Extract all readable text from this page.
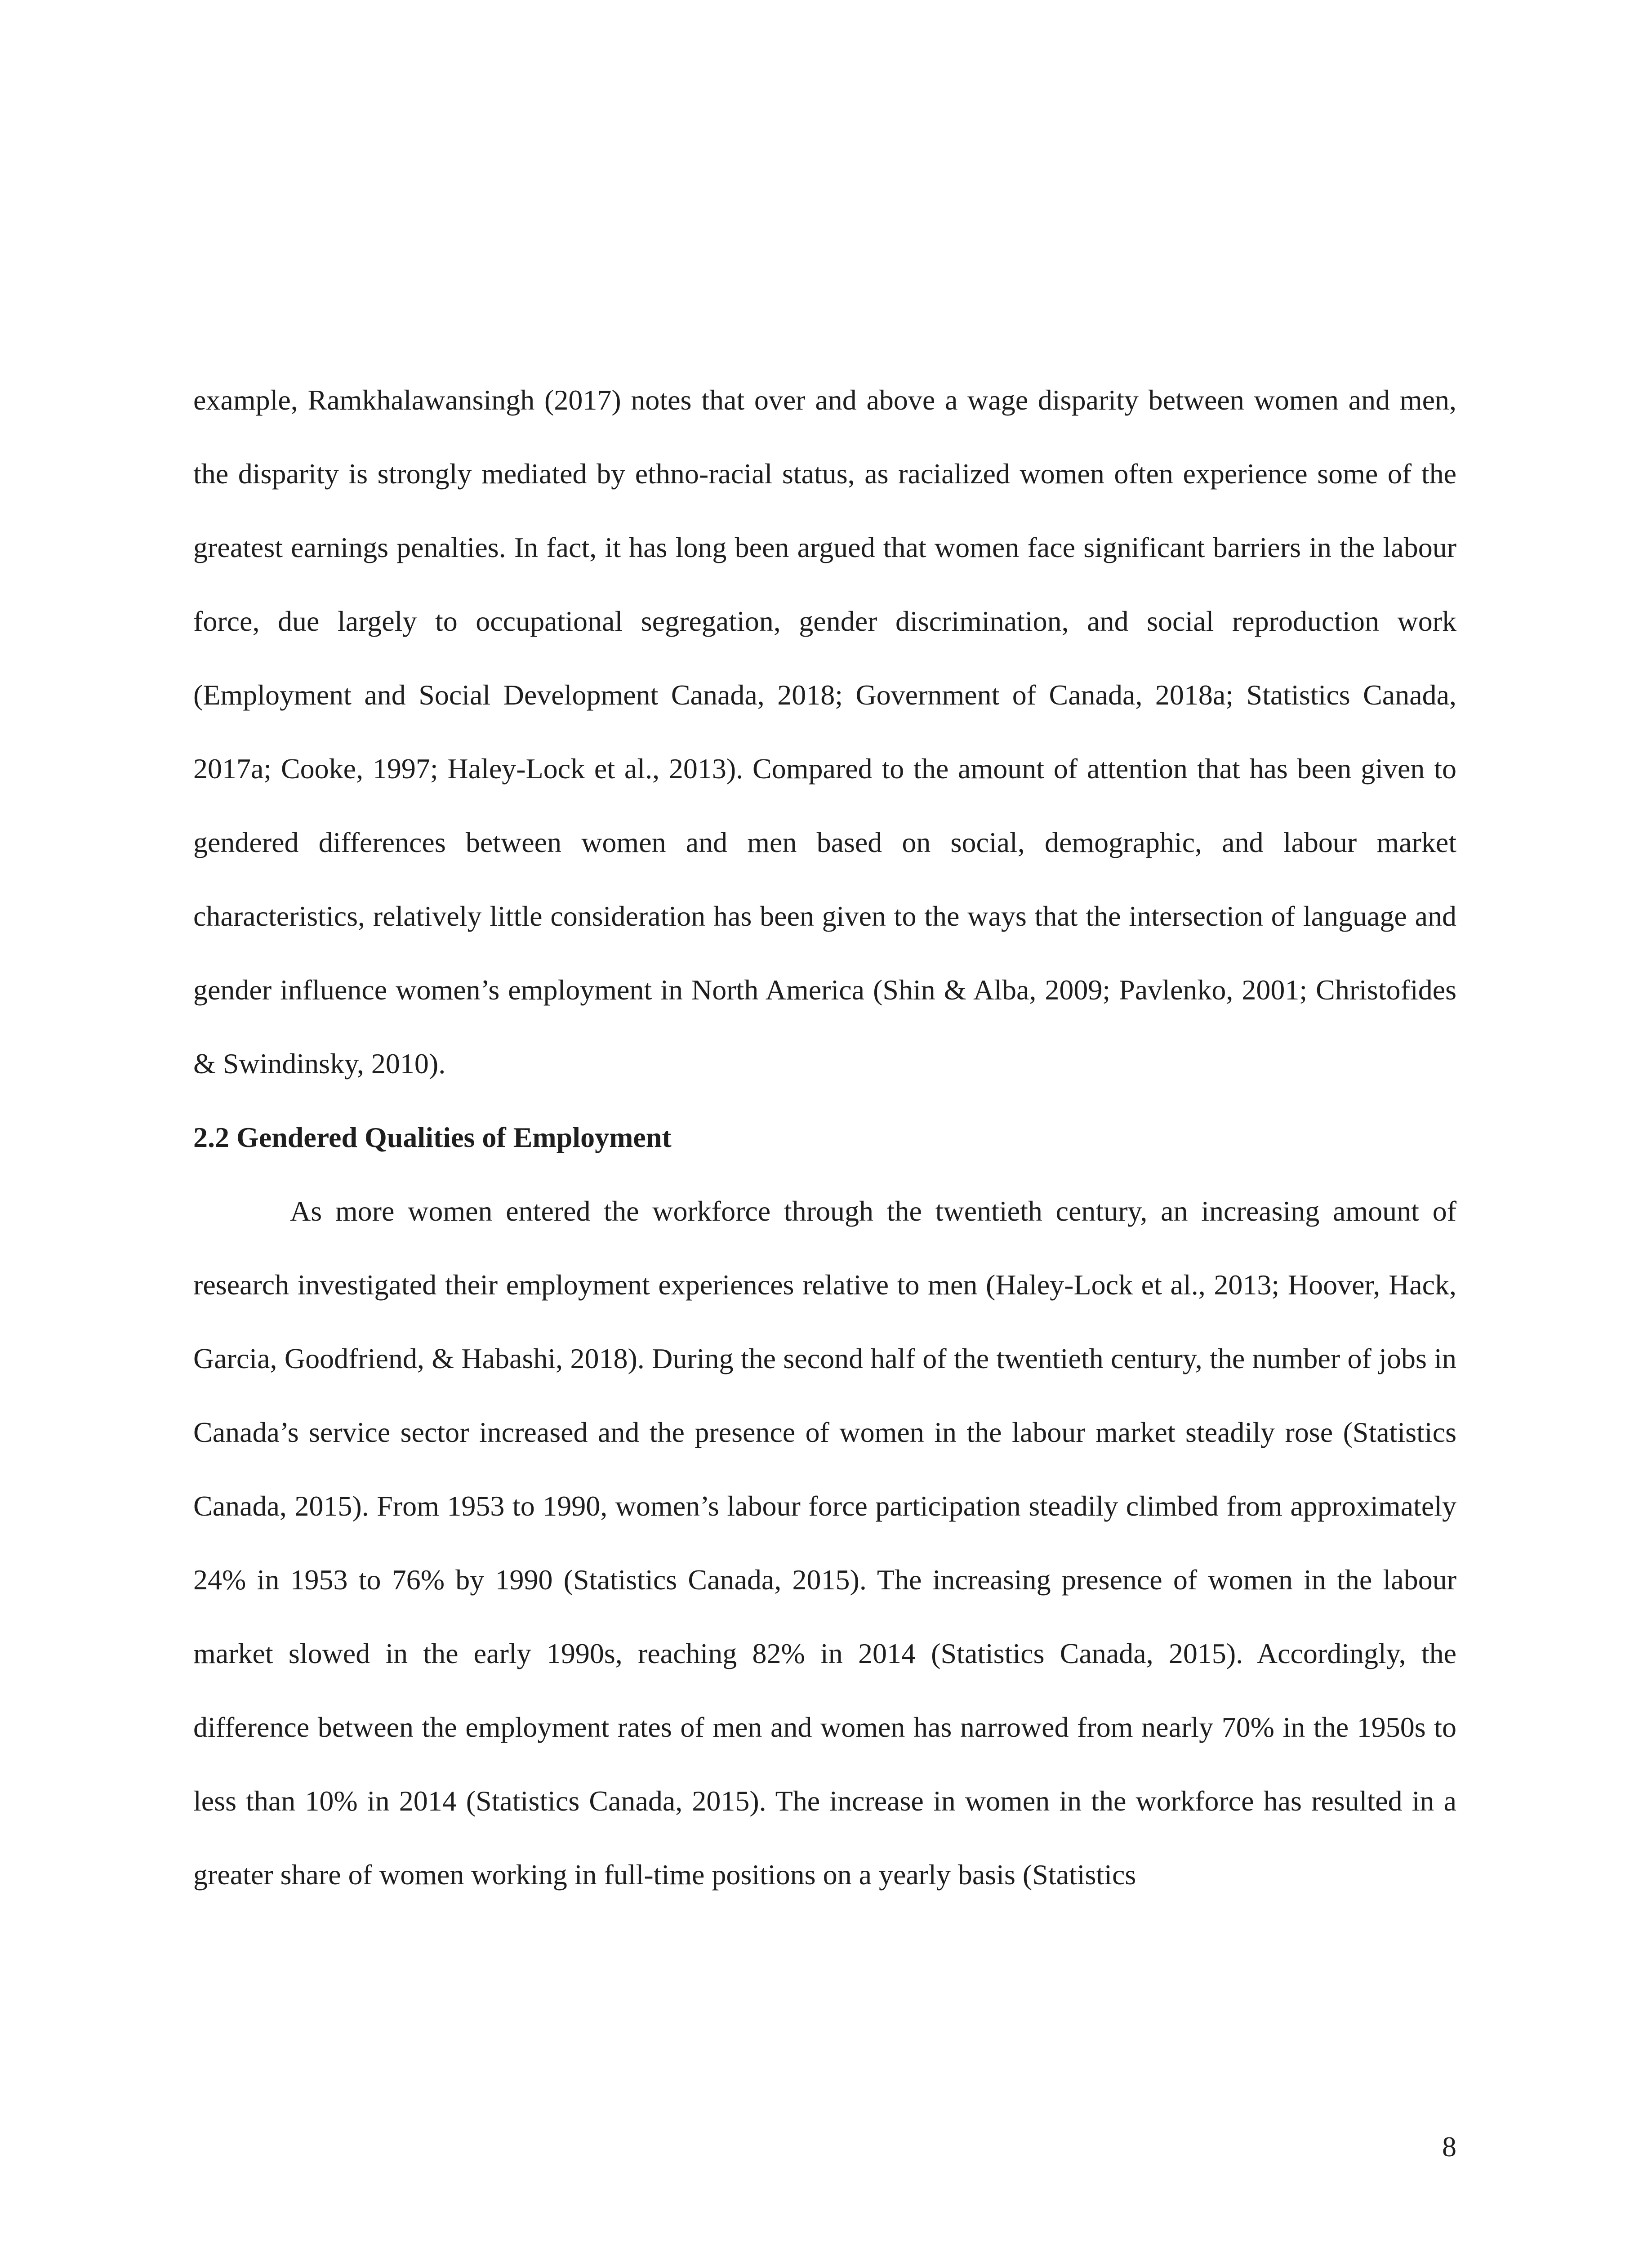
example, Ramkhalawansingh (2017) notes that over and above a wage disparity between women and men, the disparity is strongly mediated by ethno-racial status, as racialized women often experience some of the greatest earnings penalties. In fact, it has long been argued that women face significant barriers in the labour force, due largely to occupational segregation, gender discrimination, and social reproduction work (Employment and Social Development Canada, 2018; Government of Canada, 2018a; Statistics Canada, 2017a; Cooke, 1997; Haley-Lock et al., 2013). Compared to the amount of attention that has been given to gendered differences between women and men based on social, demographic, and labour market characteristics, relatively little consideration has been given to the ways that the intersection of language and gender influence women’s employment in North America (Shin & Alba, 2009; Pavlenko, 2001; Christofides & Swindinsky, 2010).

2.2 Gendered Qualities of Employment

As more women entered the workforce through the twentieth century, an increasing amount of research investigated their employment experiences relative to men (Haley-Lock et al., 2013; Hoover, Hack, Garcia, Goodfriend, & Habashi, 2018). During the second half of the twentieth century, the number of jobs in Canada’s service sector increased and the presence of women in the labour market steadily rose (Statistics Canada, 2015). From 1953 to 1990, women’s labour force participation steadily climbed from approximately 24% in 1953 to 76% by 1990 (Statistics Canada, 2015). The increasing presence of women in the labour market slowed in the early 1990s, reaching 82% in 2014 (Statistics Canada, 2015). Accordingly, the difference between the employment rates of men and women has narrowed from nearly 70% in the 1950s to less than 10% in 2014 (Statistics Canada, 2015). The increase in women in the workforce has resulted in a greater share of women working in full-time positions on a yearly basis (Statistics

8
